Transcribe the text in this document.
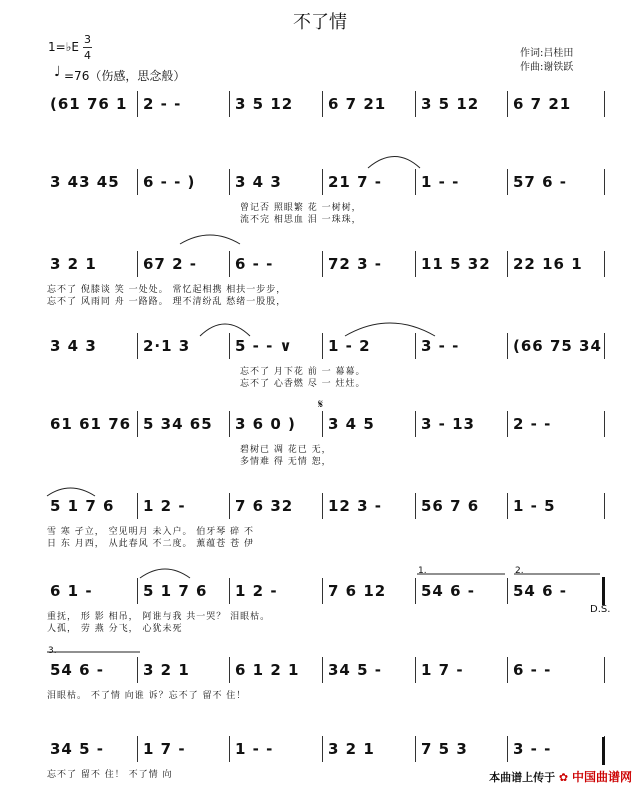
不了情
1=♭E
3
4
♩ =76（伤感，思念般）
作词:吕桂田
作曲:谢铁跃
(61 76 1 2 - -	3 5 12 6 7 21 3 5 12 6 7 21
3 43 45 6 - - )	3 4 3	21 7 -	1 - -	57 6 -
曾记否 照眼繁 花 一树树，
流不完 相思血 泪 一珠珠，
3 2 1	67 2 -	6 - -	72 3 -	11 5 32 22 16 1
忘不了 倪膝谈 笑 一处处。 常忆起相携 相扶一步步，
忘不了 风雨同 舟 一路路。 理不清纷乱 愁绪一股股，
3 4 3	2·1 3	5 - - ∨ 1 - 2	3 - -	(66 75 34
忘不了 月下花 前 一 幕幕。
忘不了 心香燃 尽 一 炷炷。
61 61 76 5 34 65 3 6 0 ) 3 4 5	3 - 13	2 - -
碧树已 凋 花已 无，
多情难 得 无情 恕，
5 1 7 6 1 2 -	7 6 32 12 3 -	56 7 6 1 - 5
雪 寒 孑立， 空见明月 未入户。 伯牙琴 碎 不
日 东 月西， 从此春风 不二度。 薰蕴苍 苍 伊
6 1 -	5 1 7 6 1 2 -	7 6 12 54 6 -	54 6 -
重抚， 形 影 相吊， 阿谁与我 共一哭？ 泪眼枯。
人孤， 劳 燕 分飞， 心犹未死
54 6 -	3 2 1	6 1 2 1 34 5 -	1 7 -	6 - -
泪眼枯。 不了情 向谁 诉？忘不了 留不 住！
34 5 -	1 7 -	1 - -	3 2 1	7 5 3	3 - -
忘不了 留不 住！ 不了情 向
D.S.
1.	2.
3.
𝄋
本曲谱上传于 ✿ 中国曲谱网
